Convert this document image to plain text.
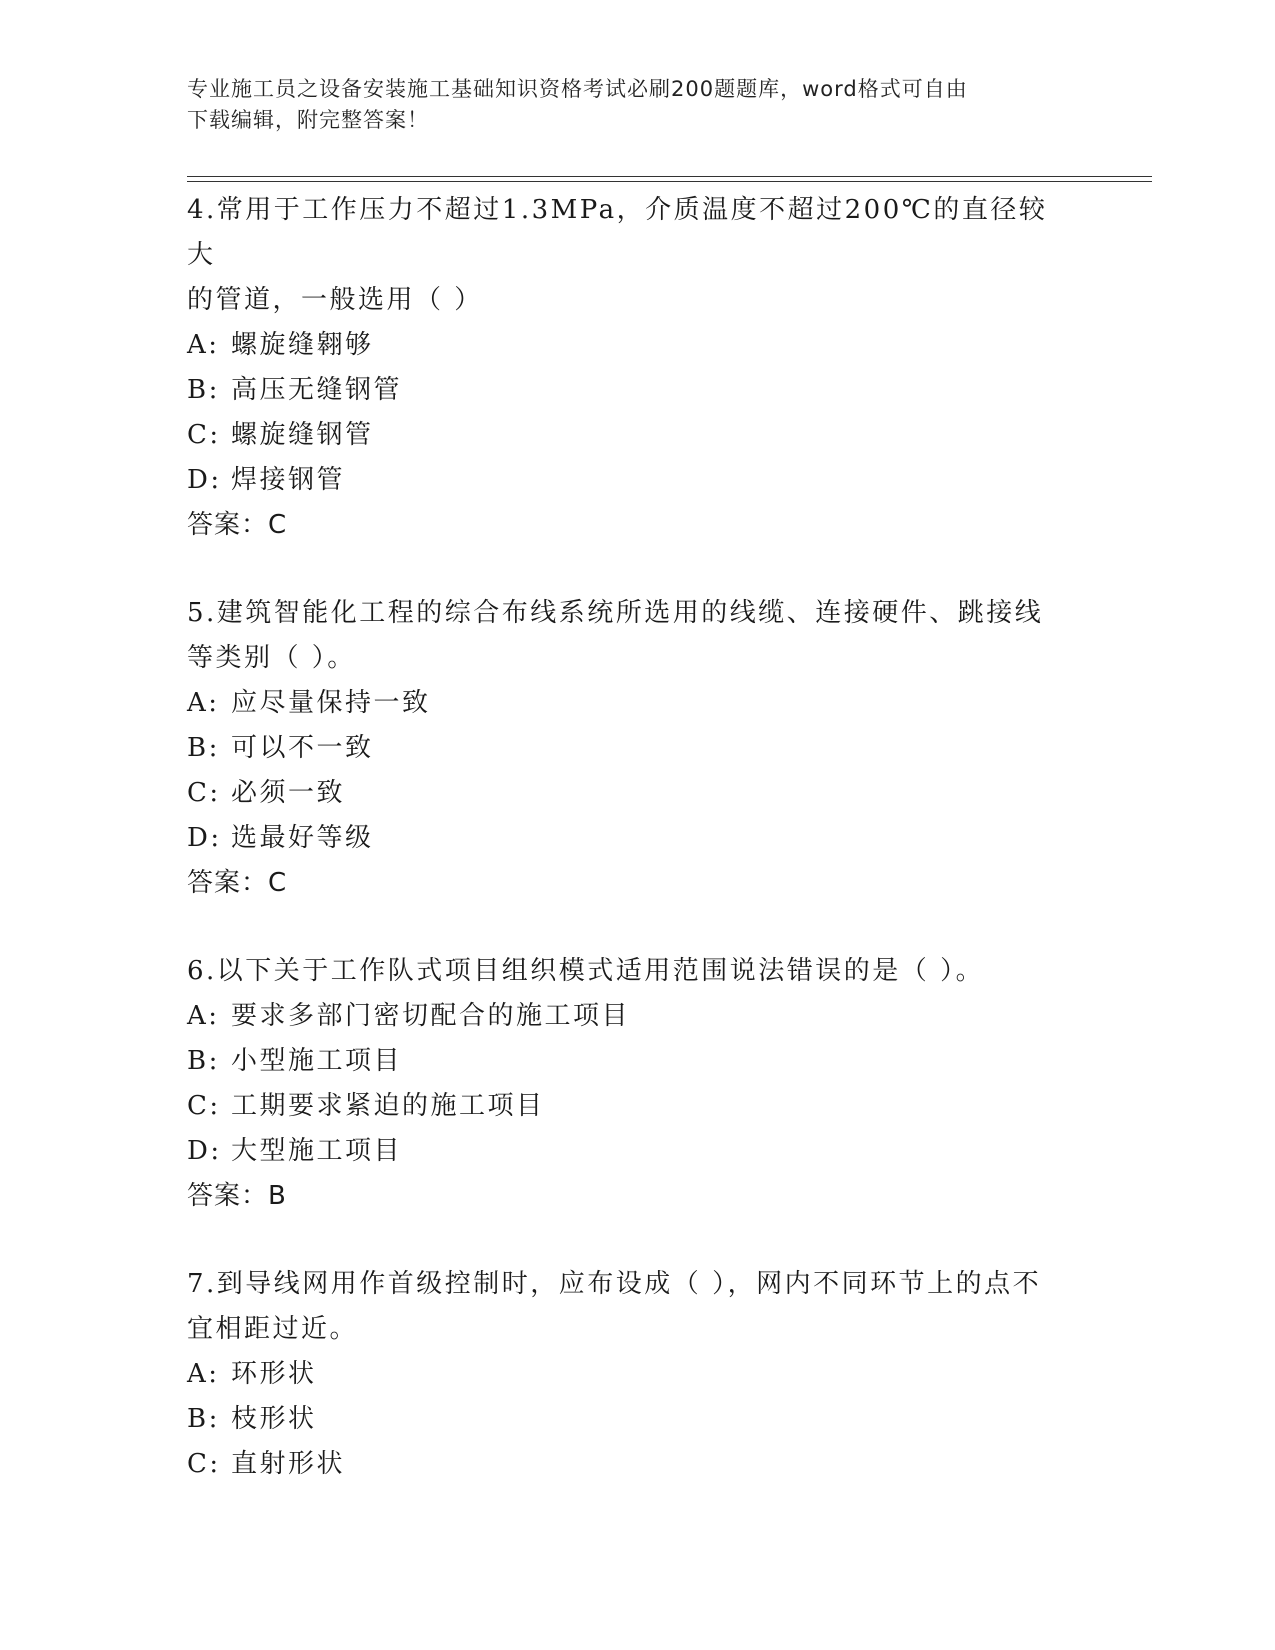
专业施工员之设备安装施工基础知识资格考试必刷200题题库，word格式可自由
下载编辑，附完整答案！
4.常用于工作压力不超过1.3MPa，介质温度不超过200℃的直径较大
的管道，一般选用（ ）
A: 螺旋缝翱够
B: 高压无缝钢管
C: 螺旋缝钢管
D: 焊接钢管
答案：C
5.建筑智能化工程的综合布线系统所选用的线缆、连接硬件、跳接线
等类别（ ）。
A: 应尽量保持一致
B: 可以不一致
C: 必须一致
D: 选最好等级
答案：C
6.以下关于工作队式项目组织模式适用范围说法错误的是（ ）。
A: 要求多部门密切配合的施工项目
B: 小型施工项目
C: 工期要求紧迫的施工项目
D: 大型施工项目
答案：B
7.到导线网用作首级控制时，应布设成（ ），网内不同环节上的点不
宜相距过近。
A: 环形状
B: 枝形状
C: 直射形状
